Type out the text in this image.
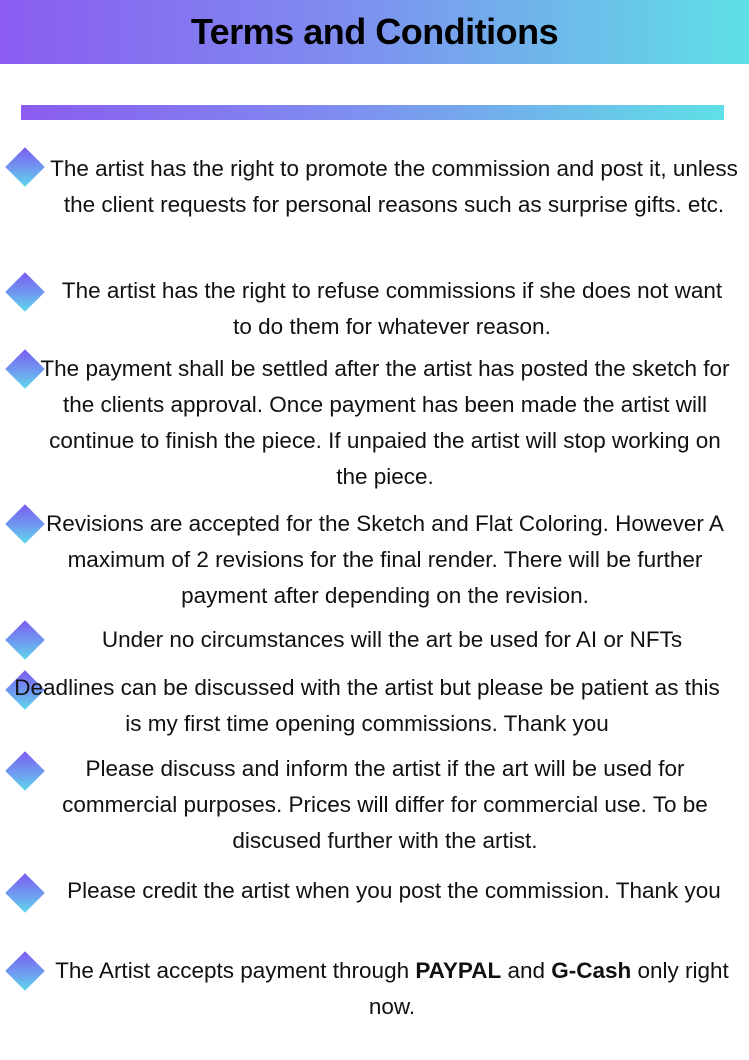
Terms and Conditions

The artist has the right to promote the commission and post it, unless the client requests for personal reasons such as surprise gifts. etc.

The artist has the right to refuse commissions if she does not want to do them for whatever reason.

The payment shall be settled after the artist has posted the sketch for the clients approval. Once payment has been made the artist will continue to finish the piece. If unpaied the artist will stop working on the piece.

Revisions are accepted for the Sketch and Flat Coloring. However A maximum of 2 revisions for the final render. There will be further payment after depending on the revision.

Under no circumstances will the art be used for AI or NFTs

Deadlines can be discussed with the artist but please be patient as this is my first time opening commissions. Thank you

Please discuss and inform the artist if the art will be used for commercial purposes. Prices will differ for commercial use. To be discused further with the artist.

Please credit the artist when you post the commission. Thank you

The Artist accepts payment through PAYPAL and G-Cash only right now.
